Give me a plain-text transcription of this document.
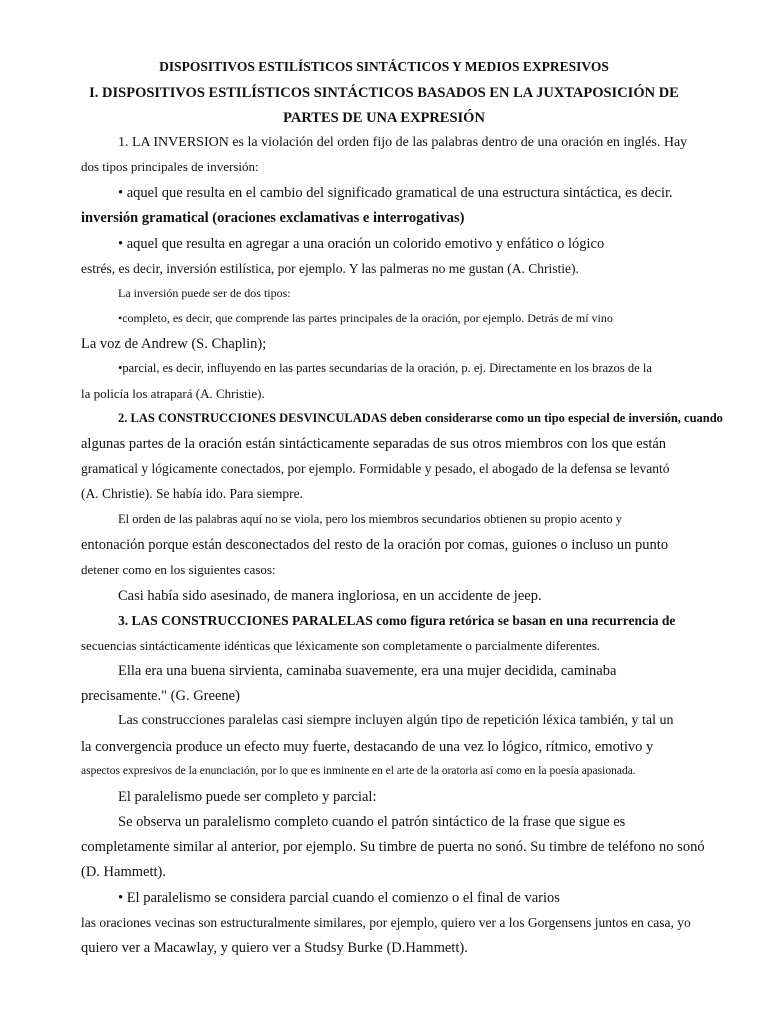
DISPOSITIVOS ESTILÍSTICOS SINTÁCTICOS Y MEDIOS EXPRESIVOS
I. DISPOSITIVOS ESTILÍSTICOS SINTÁCTICOS BASADOS EN LA JUXTAPOSICIÓN DE
PARTES DE UNA EXPRESIÓN
1. LA INVERSION es la violación del orden fijo de las palabras dentro de una oración en inglés. Hay
dos tipos principales de inversión:
• aquel que resulta en el cambio del significado gramatical de una estructura sintáctica, es decir.
inversión gramatical (oraciones exclamativas e interrogativas)
• aquel que resulta en agregar a una oración un colorido emotivo y enfático o lógico
estrés, es decir, inversión estilística, por ejemplo. Y las palmeras no me gustan (A. Christie).
La inversión puede ser de dos tipos:
•completo, es decir, que comprende las partes principales de la oración, por ejemplo. Detrás de mí vino
La voz de Andrew (S. Chaplin);
•parcial, es decir, influyendo en las partes secundarias de la oración, p. ej. Directamente en los brazos de la
la policía los atrapará (A. Christie).
2. LAS CONSTRUCCIONES DESVINCULADAS deben considerarse como un tipo especial de inversión, cuando
algunas partes de la oración están sintácticamente separadas de sus otros miembros con los que están
gramatical y lógicamente conectados, por ejemplo. Formidable y pesado, el abogado de la defensa se levantó
(A. Christie). Se había ido. Para siempre.
El orden de las palabras aquí no se viola, pero los miembros secundarios obtienen su propio acento y
entonación porque están desconectados del resto de la oración por comas, guiones o incluso un punto
detener como en los siguientes casos:
Casi había sido asesinado, de manera ingloriosa, en un accidente de jeep.
3. LAS CONSTRUCCIONES PARALELAS como figura retórica se basan en una recurrencia de
secuencias sintácticamente idénticas que léxicamente son completamente o parcialmente diferentes.
Ella era una buena sirvienta, caminaba suavemente, era una mujer decidida, caminaba
precisamente." (G. Greene)
Las construcciones paralelas casi siempre incluyen algún tipo de repetición léxica también, y tal un
la convergencia produce un efecto muy fuerte, destacando de una vez lo lógico, rítmico, emotivo y
aspectos expresivos de la enunciación, por lo que es inminente en el arte de la oratoria así como en la poesía apasionada.
El paralelismo puede ser completo y parcial:
Se observa un paralelismo completo cuando el patrón sintáctico de la frase que sigue es
completamente similar al anterior, por ejemplo. Su timbre de puerta no sonó. Su timbre de teléfono no sonó
(D. Hammett).
• El paralelismo se considera parcial cuando el comienzo o el final de varios
las oraciones vecinas son estructuralmente similares, por ejemplo, quiero ver a los Gorgensens juntos en casa, yo
quiero ver a Macawlay, y quiero ver a Studsy Burke (D.Hammett).
